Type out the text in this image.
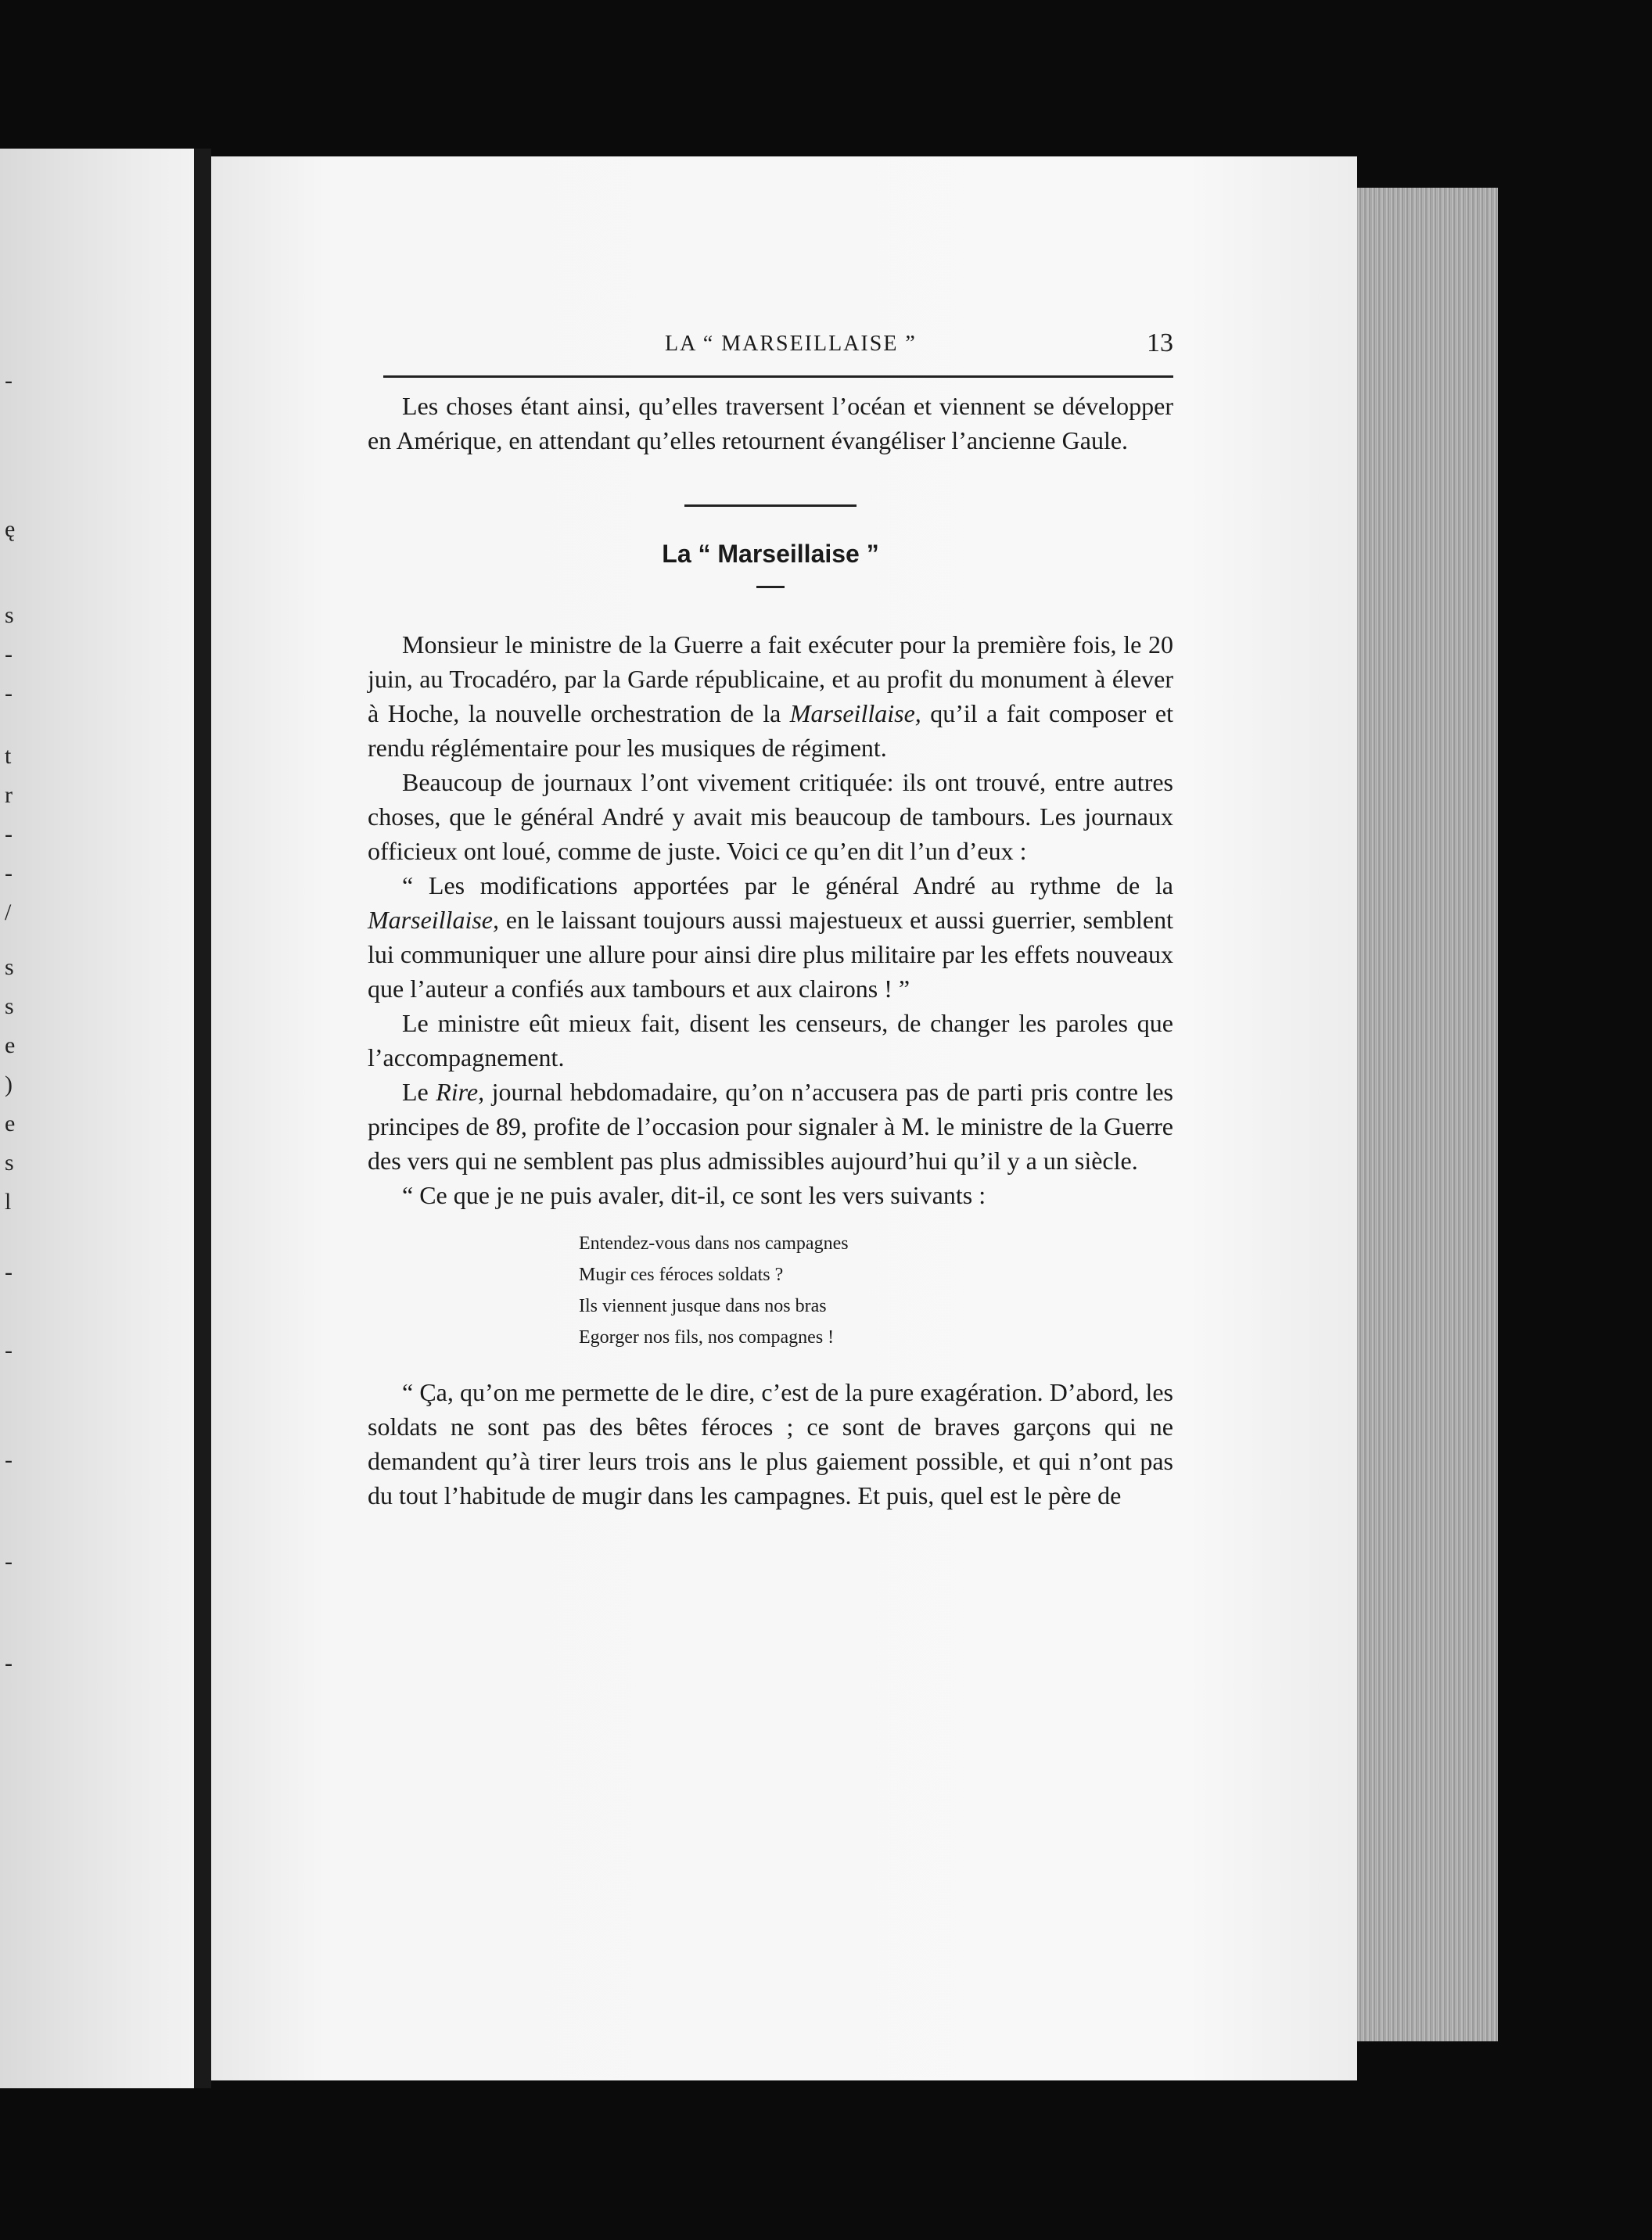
-
ę
s
-
-
t
r
-
-
/
s
s
e
)
e
s
l
-
-
-
-
-
LA “ MARSEILLAISE ”	13

Les choses étant ainsi, qu’elles traversent l’océan et viennent se développer en Amérique, en attendant qu’elles retournent évangéliser l’ancienne Gaule.

La “ Marseillaise ”

Monsieur le ministre de la Guerre a fait exécuter pour la première fois, le 20 juin, au Trocadéro, par la Garde républicaine, et au profit du monument à élever à Hoche, la nouvelle orchestration de la Marseillaise, qu’il a fait composer et rendu réglémentaire pour les musiques de régiment.

Beaucoup de journaux l’ont vivement critiquée: ils ont trouvé, entre autres choses, que le général André y avait mis beaucoup de tambours. Les journaux officieux ont loué, comme de juste. Voici ce qu’en dit l’un d’eux :

“ Les modifications apportées par le général André au rythme de la Marseillaise, en le laissant toujours aussi majestueux et aussi guerrier, semblent lui communiquer une allure pour ainsi dire plus militaire par les effets nouveaux que l’auteur a confiés aux tambours et aux clairons ! ”

Le ministre eût mieux fait, disent les censeurs, de changer les paroles que l’accompagnement.

Le Rire, journal hebdomadaire, qu’on n’accusera pas de parti pris contre les principes de 89, profite de l’occasion pour signaler à M. le ministre de la Guerre des vers qui ne semblent pas plus admissibles aujourd’hui qu’il y a un siècle.

“ Ce que je ne puis avaler, dit-il, ce sont les vers suivants :

Entendez-vous dans nos campagnes
Mugir ces féroces soldats ?
Ils viennent jusque dans nos bras
Egorger nos fils, nos compagnes !

“ Ça, qu’on me permette de le dire, c’est de la pure exagération. D’abord, les soldats ne sont pas des bêtes féroces ; ce sont de braves garçons qui ne demandent qu’à tirer leurs trois ans le plus gaiement possible, et qui n’ont pas du tout l’habitude de mugir dans les campagnes. Et puis, quel est le père de
